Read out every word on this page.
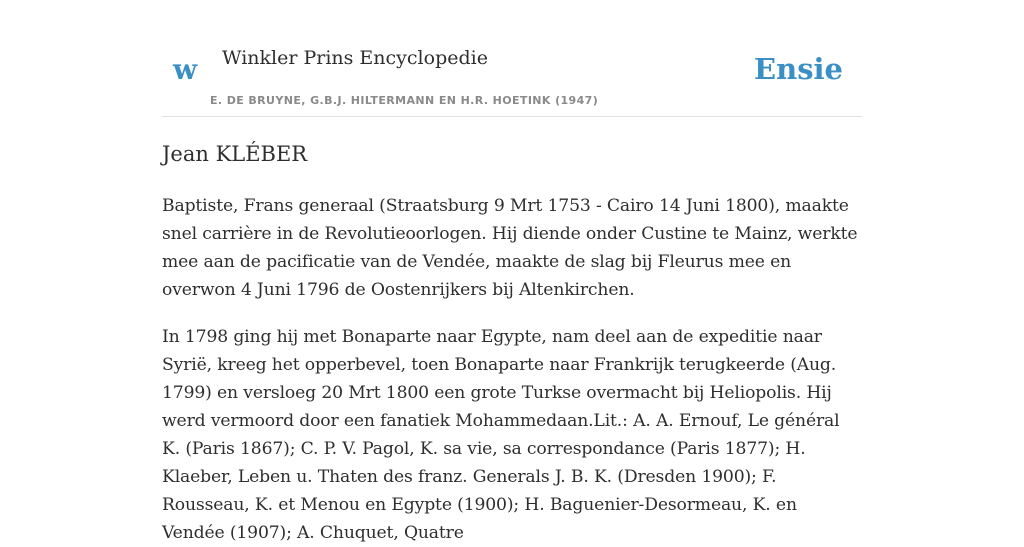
w Winkler Prins Encyclopedie
E. DE BRUYNE, G.B.J. HILTERMANN EN H.R. HOETINK (1947)
Ensie
Jean KLÉBER

Baptiste, Frans generaal (Straatsburg 9 Mrt 1753 - Cairo 14 Juni 1800), maakte snel carrière in de Revolutieoorlogen. Hij diende onder Custine te Mainz, werkte mee aan de pacificatie van de Vendée, maakte de slag bij Fleurus mee en overwon 4 Juni 1796 de Oostenrijkers bij Altenkirchen.

In 1798 ging hij met Bonaparte naar Egypte, nam deel aan de expeditie naar Syrië, kreeg het opperbevel, toen Bonaparte naar Frankrijk terugkeerde (Aug. 1799) en versloeg 20 Mrt 1800 een grote Turkse overmacht bij Heliopolis. Hij werd vermoord door een fanatiek Mohammedaan.Lit.: A. A. Ernouf, Le général K. (Paris 1867); C. P. V. Pagol, K. sa vie, sa correspondance (Paris 1877); H. Klaeber, Leben u. Thaten des franz. Generals J. B. K. (Dresden 1900); F. Rousseau, K. et Menou en Egypte (1900); H. Baguenier-Desormeau, K. en Vendée (1907); A. Chuquet, Quatre
